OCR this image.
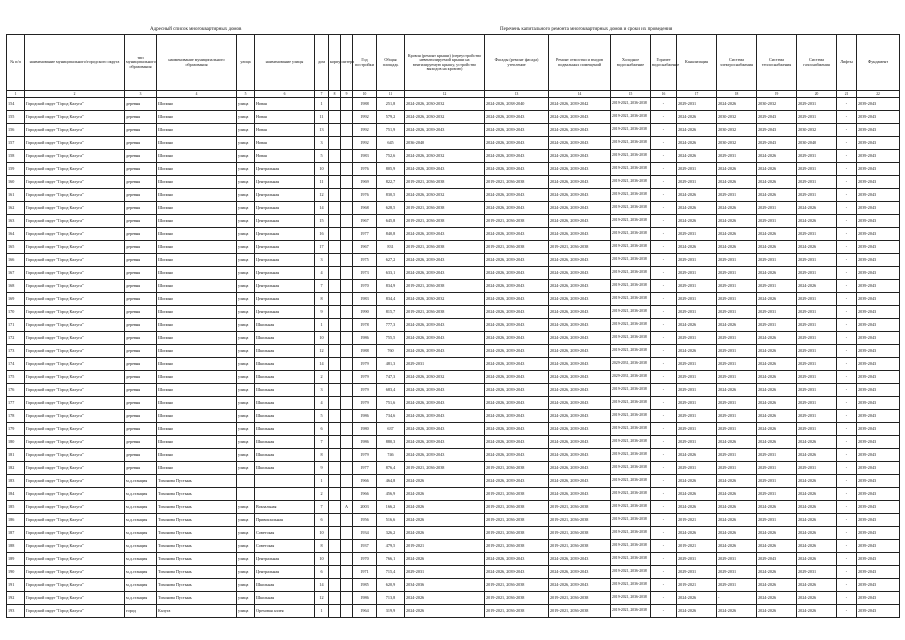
Адресный список многоквартирных домов	Перечень капитального ремонта многоквартирных домов и сроки их проведения
№ п/п	наименование муниципального/городского округа	тип муниципального образования	наименование муниципального образования	улица	наименование улицы	дом	корпус	литера	Год постройки	Общая площадь	Кровля (ремонт крыши) (переустройство невентилируемой крыши на вентилируемую крышу, устройство выходов на кровлю)	Фасады (ремонт фасада) утепление	Ремонт отмостки и входов подвальных помещений	Холодное водоснабжение	Горячее водоснабжение	Канализация	Система электроснабжения	Система теплоснабжения	Система газоснабжения	Лифты	Фундамент
1	2	3	4	5	6	7	8	9	10	11	12	13	14	15	16	17	18	19	20	21	22
154	Городской округ "Город Калуга"	деревня	Шопино	улица	Новая	1			1988	251,8	2024-2026, 2030-2032	2024-2026, 2038-2040	2024-2026, 2039-2042	2019-2021, 2036-2038	-	2029-2031	2024-2026	2030-2032	2029-2031	-	2039-2043
155	Городской округ "Город Калуга"	деревня	Шопино	улица	Новая	11			1992	579,2	2024-2026, 2030-2032	2024-2026, 2039-2043	2024-2026, 2039-2043	2019-2021, 2036-2038	-	2024-2026	2030-2032	2029-2043	2029-2031	-	2039-2043
156	Городской округ "Город Калуга"	деревня	Шопино	улица	Новая	13			1992	751,9	2024-2026, 2039-2043	2024-2026, 2039-2043	2024-2026, 2039-2043	2019-2021, 2036-2038	-	2024-2026	2030-2032	2029-2043	2030-2032	-	2039-2043
157	Городской округ "Город Калуга"	деревня	Шопино	улица	Новая	3			1992	645	2036-2040	2024-2026, 2039-2043	2024-2026, 2039-2043	2019-2021, 2036-2038	-	2024-2026	2030-2032	2029-2043	2030-2040	-	2039-2043
158	Городской округ "Город Калуга"	деревня	Шопино	улица	Новая	5			1983	752,6	2024-2026, 2030-2032	2024-2026, 2039-2043	2024-2026, 2039-2043	2019-2021, 2036-2038	-	2024-2026	2029-2031	2024-2026	2029-2031	-	2039-2043
159	Городской округ "Город Калуга"	деревня	Шопино	улица	Центральная	10			1976	805,9	2024-2026, 2039-2043	2024-2026, 2039-2043	2024-2026, 2039-2043	2019-2021, 2036-2038	-	2029-2031	2024-2026	2024-2026	2029-2031	-	2039-2043
160	Городской округ "Город Калуга"	деревня	Шопино	улица	Центральная	11			1969	822,7	2019-2021, 2036-2038	2019-2021, 2036-2038	2024-2026, 2039-2043	2019-2021, 2036-2038	-	2029-2031	2024-2026	2024-2026	2029-2031	-	2039-2043
161	Городской округ "Город Калуга"	деревня	Шопино	улица	Центральная	12			1976	830,5	2024-2026, 2030-2032	2024-2026, 2039-2043	2024-2026, 2039-2043	2019-2021, 2036-2038	-	2024-2026	2029-2031	2024-2026	2029-2031	-	2039-2043
162	Городской округ "Город Калуга"	деревня	Шопино	улица	Центральная	14			1968	628,5	2019-2021, 2036-2038	2024-2026, 2039-2043	2024-2026, 2039-2043	2019-2021, 2036-2038	-	2024-2026	2024-2026	2029-2031	2024-2026	-	2039-2043
163	Городской округ "Город Калуга"	деревня	Шопино	улица	Центральная	15			1967	645,8	2019-2021, 2036-2038	2019-2021, 2036-2038	2024-2026, 2039-2043	2019-2021, 2036-2038	-	2024-2026	2024-2026	2029-2031	2024-2026	-	2039-2043
164	Городской округ "Город Калуга"	деревня	Шопино	улица	Центральная	16			1977	840,8	2024-2026, 2039-2043	2024-2026, 2039-2043	2024-2026, 2039-2043	2019-2021, 2036-2038	-	2029-2031	2024-2026	2024-2026	2029-2031	-	2039-2043
165	Городской округ "Город Калуга"	деревня	Шопино	улица	Центральная	17			1967	831	2019-2021, 2036-2038	2019-2021, 2036-2038	2019-2021, 2036-2038	2019-2021, 2036-2038	-	2024-2026	2024-2026	2024-2026	2024-2026	-	2039-2043
166	Городской округ "Город Калуга"	деревня	Шопино	улица	Центральная	3			1975	627,2	2024-2026, 2039-2043	2024-2026, 2039-2043	2024-2026, 2039-2043	2019-2021, 2036-2038	-	2029-2031	2029-2031	2029-2031	2029-2031	-	2039-2043
167	Городской округ "Город Калуга"	деревня	Шопино	улица	Центральная	4			1973	633,1	2024-2026, 2039-2043	2024-2026, 2039-2043	2024-2026, 2039-2043	2019-2021, 2036-2038	-	2029-2031	2029-2031	2024-2026	2029-2031	-	2039-2043
168	Городской округ "Город Калуга"	деревня	Шопино	улица	Центральная	7			1970	834,9	2019-2021, 2036-2038	2024-2026, 2039-2043	2024-2026, 2039-2043	2019-2021, 2036-2038	-	2029-2031	2029-2031	2029-2031	2024-2026	-	2039-2043
169	Городской округ "Город Калуга"	деревня	Шопино	улица	Центральная	8			1983	834,4	2024-2026, 2030-2032	2024-2026, 2039-2043	2024-2026, 2039-2043	2019-2021, 2036-2038	-	2029-2031	2029-2031	2024-2026	2029-2031	-	2039-2043
170	Городской округ "Город Калуга"	деревня	Шопино	улица	Центральная	9			1990	815,7	2019-2021, 2036-2038	2024-2026, 2039-2043	2024-2026, 2039-2043	2019-2021, 2036-2038	-	2029-2031	2029-2031	2029-2031	2029-2031	-	2039-2043
171	Городской округ "Город Калуга"	деревня	Шопино	улица	Школьная	1			1978	777,3	2024-2026, 2039-2043	2024-2026, 2039-2043	2024-2026, 2039-2043	2019-2021, 2036-2038	-	2024-2026	2024-2026	2029-2031	2029-2031	-	2039-2043
172	Городской округ "Город Калуга"	деревня	Шопино	улица	Школьная	10			1986	755,5	2024-2026, 2039-2043	2024-2026, 2039-2043	2024-2026, 2039-2043	2019-2021, 2036-2038	-	2029-2031	2029-2031	2024-2026	2029-2031	-	2039-2043
173	Городской округ "Город Калуга"	деревня	Шопино	улица	Школьная	12			1988	760	2024-2026, 2039-2043	2024-2026, 2039-2043	2024-2026, 2039-2043	2019-2021, 2036-2038	-	2024-2026	2029-2031	2024-2026	2029-2031	-	2039-2043
174	Городской округ "Город Калуга"	деревня	Шопино	улица	Школьная	14			1979	481,3	2029-2031	2024-2026, 2039-2043	2024-2026, 2039-2043	2029-2031, 2036-2038	-	2029-2031	2029-2031	2024-2026	2029-2031	-	2039-2043
175	Городской округ "Город Калуга"	деревня	Шопино	улица	Школьная	2			1979	747,3	2024-2026, 2030-2032	2024-2026, 2039-2043	2024-2026, 2039-2043	2029-2031, 2036-2038	-	2029-2031	2029-2031	2024-2026	2029-2031	-	2039-2043
176	Городской округ "Город Калуга"	деревня	Шопино	улица	Школьная	3			1979	683,4	2024-2026, 2039-2043	2024-2026, 2039-2043	2024-2026, 2039-2043	2019-2021, 2036-2038	-	2029-2031	2024-2026	2024-2026	2029-2031	-	2039-2043
177	Городской округ "Город Калуга"	деревня	Шопино	улица	Школьная	4			1979	751,6	2024-2026, 2039-2043	2024-2026, 2039-2043	2024-2026, 2039-2043	2019-2021, 2036-2038	-	2029-2031	2029-2031	2024-2026	2029-2031	-	2039-2043
178	Городской округ "Город Калуга"	деревня	Шопино	улица	Школьная	5			1986	734,6	2024-2026, 2039-2043	2024-2026, 2039-2043	2024-2026, 2039-2043	2019-2021, 2036-2038	-	2029-2031	2029-2031	2024-2026	2029-2031	-	2039-2043
179	Городской округ "Город Калуга"	деревня	Шопино	улица	Школьная	6			1980	637	2024-2026, 2039-2043	2024-2026, 2039-2043	2024-2026, 2039-2043	2019-2021, 2036-2038	-	2029-2031	2029-2031	2024-2026	2029-2031	-	2039-2043
180	Городской округ "Город Калуга"	деревня	Шопино	улица	Школьная	7			1986	880,3	2024-2026, 2039-2043	2024-2026, 2039-2043	2024-2026, 2039-2043	2019-2021, 2036-2038	-	2029-2031	2024-2026	2024-2026	2024-2026	-	2039-2043
181	Городской округ "Город Калуга"	деревня	Шопино	улица	Школьная	8			1979	746	2024-2026, 2039-2043	2024-2026, 2039-2043	2024-2026, 2039-2043	2019-2021, 2036-2038	-	2024-2026	2029-2031	2029-2031	2024-2026	-	2039-2043
182	Городской округ "Город Калуга"	деревня	Шопино	улица	Школьная	9			1977	876,4	2019-2021, 2036-2038	2019-2021, 2036-2038	2024-2026, 2039-2043	2019-2021, 2036-2038	-	2029-2031	2029-2031	2029-2031	2029-2031	-	2039-2043
183	Городской округ "Город Калуга"	м.д.станция	Тихонова Пустынь			1			1966	464,8	2024-2026	2024-2026, 2039-2043	2024-2026, 2039-2043	2019-2021, 2036-2038	-	2024-2026	2024-2026	2029-2031	2024-2026	-	2039-2043
184	Городской округ "Город Калуга"	м.д.станция	Тихонова Пустынь			2			1966	456,9	2024-2026	2019-2021, 2036-2038	2024-2026, 2039-2043	2019-2021, 2036-2038	-	2024-2026	2024-2026	2029-2031	2024-2026	-	2039-2043
185	Городской округ "Город Калуга"	м.д.станция	Тихонова Пустынь	улица	Вокзальная	7		А	2003	166,2	2024-2026	2019-2021, 2036-2038	2019-2021, 2036-2038	2019-2021, 2036-2038	-	2024-2026	2024-2026	2024-2026	2024-2026	-	2039-2043
186	Городской округ "Город Калуга"	м.д.станция	Тихонова Пустынь	улица	Привокзальная	6			1956	516,6	2024-2026	2019-2021, 2036-2038	2019-2021, 2036-2038	2019-2021, 2036-2038	-	2019-2021	2024-2026	2029-2031	2024-2026	-	2039-2043
187	Городской округ "Город Калуга"	м.д.станция	Тихонова Пустынь	улица	Советская	10			1934	326,2	2024-2026	2019-2021, 2036-2038	2019-2021, 2036-2038	2019-2021, 2036-2038	-	2024-2026	2024-2026	2024-2026	2024-2026	-	2039-2043
188	Городской округ "Город Калуга"	м.д.станция	Тихонова Пустынь	улица	Советская	8			1937	479,5	2019-2021	2019-2021, 2036-2038	2019-2021, 2036-2038	2019-2021, 2036-2038	-	2019-2021	2024-2026	2024-2026	2024-2026	-	2039-2043
189	Городской округ "Город Калуга"	м.д.станция	Тихонова Пустынь	улица	Центральная	10			1970	766,1	2024-2026	2024-2026, 2039-2043	2024-2026, 2039-2043	2019-2021, 2036-2038	-	2029-2031	2029-2031	2029-2043	2024-2026	-	2039-2043
190	Городской округ "Город Калуга"	м.д.станция	Тихонова Пустынь	улица	Центральная	6			1971	715,4	2029-2031	2024-2026, 2039-2043	2024-2026, 2039-2043	2019-2021, 2036-2038	-	2029-2031	2029-2031	2024-2026	2029-2031	-	2039-2043
191	Городской округ "Город Калуга"	м.д.станция	Тихонова Пустынь	улица	Школьная	14			1985	620,9	2034-2036	2019-2021, 2036-2038	2024-2026, 2039-2043	2019-2021, 2036-2038	-	2019-2021	2029-2031	2024-2026	2024-2026	-	2039-2043
192	Городской округ "Город Калуга"	м.д.станция	Тихонова Пустынь	улица	Школьная	12			1986	713,8	2024-2026	2019-2021, 2036-2038	2019-2021, 2036-2038	2019-2021, 2036-2038	-	2024-2026	-	2024-2026	2024-2026	-	2039-2043
193	Городской округ "Город Калуга"	город	Калуга	улица	Ореховая аллея	1			1964	319,9	2024-2026	2019-2021, 2036-2038	2019-2021, 2036-2038	2019-2021, 2036-2038	-	2024-2026	2024-2026	2024-2026	2024-2026	-	2039-2043
